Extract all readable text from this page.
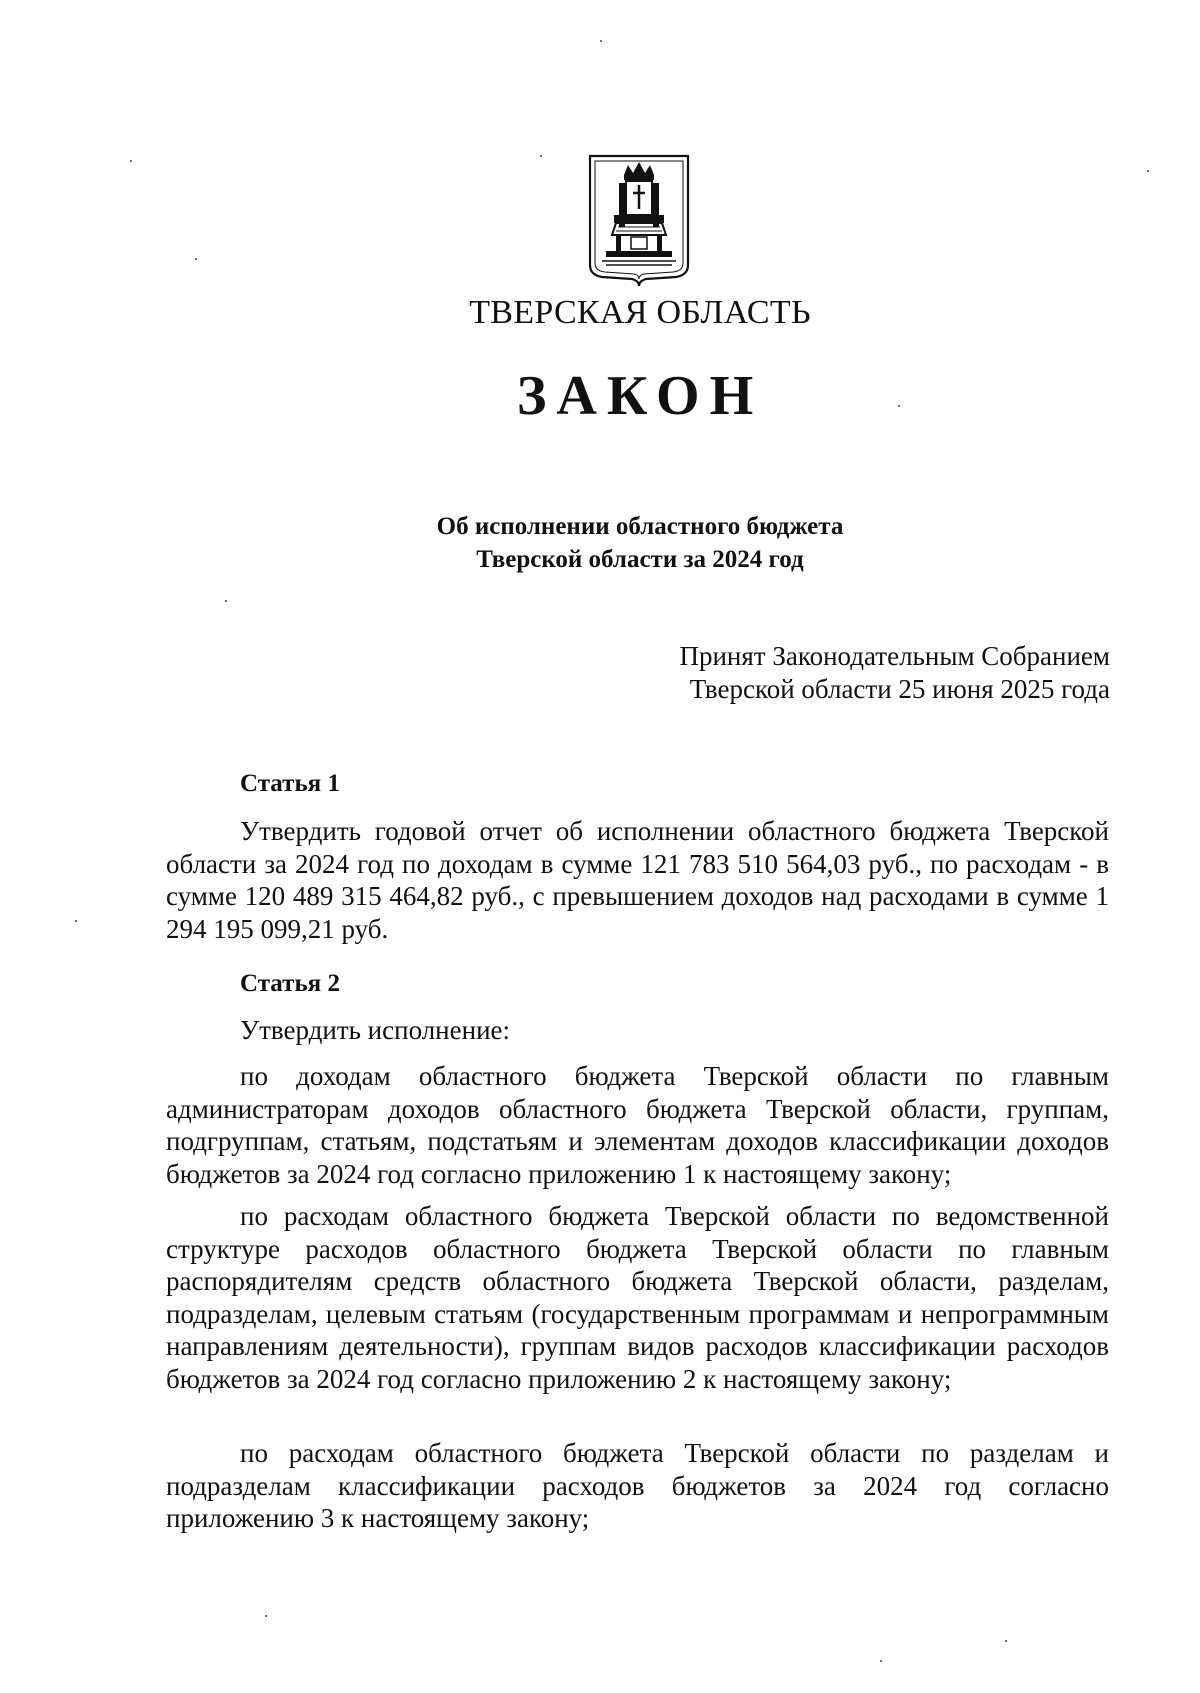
ТВЕРСКАЯ ОБЛАСТЬ
ЗАКОН
Об исполнении областного бюджета
Тверской области за 2024 год
Принят Законодательным Собранием
Тверской области 25 июня 2025 года
Статья 1

Утвердить годовой отчет об исполнении областного бюджета Тверской области за 2024 год по доходам в сумме 121 783 510 564,03 руб., по расходам - в сумме 120 489 315 464,82 руб., с превышением доходов над расходами в сумме 1 294 195 099,21 руб.

Статья 2
Утвердить исполнение:

по доходам областного бюджета Тверской области по главным администраторам доходов областного бюджета Тверской области, группам, подгруппам, статьям, подстатьям и элементам доходов классификации доходов бюджетов за 2024 год согласно приложению 1 к настоящему закону;

по расходам областного бюджета Тверской области по ведомственной структуре расходов областного бюджета Тверской области по главным распорядителям средств областного бюджета Тверской области, разделам, подразделам, целевым статьям (государственным программам и непрограммным направлениям деятельности), группам видов расходов классификации расходов бюджетов за 2024 год согласно приложению 2 к настоящему закону;

по расходам областного бюджета Тверской области по разделам и подразделам классификации расходов бюджетов за 2024 год согласно приложению 3 к настоящему закону;
